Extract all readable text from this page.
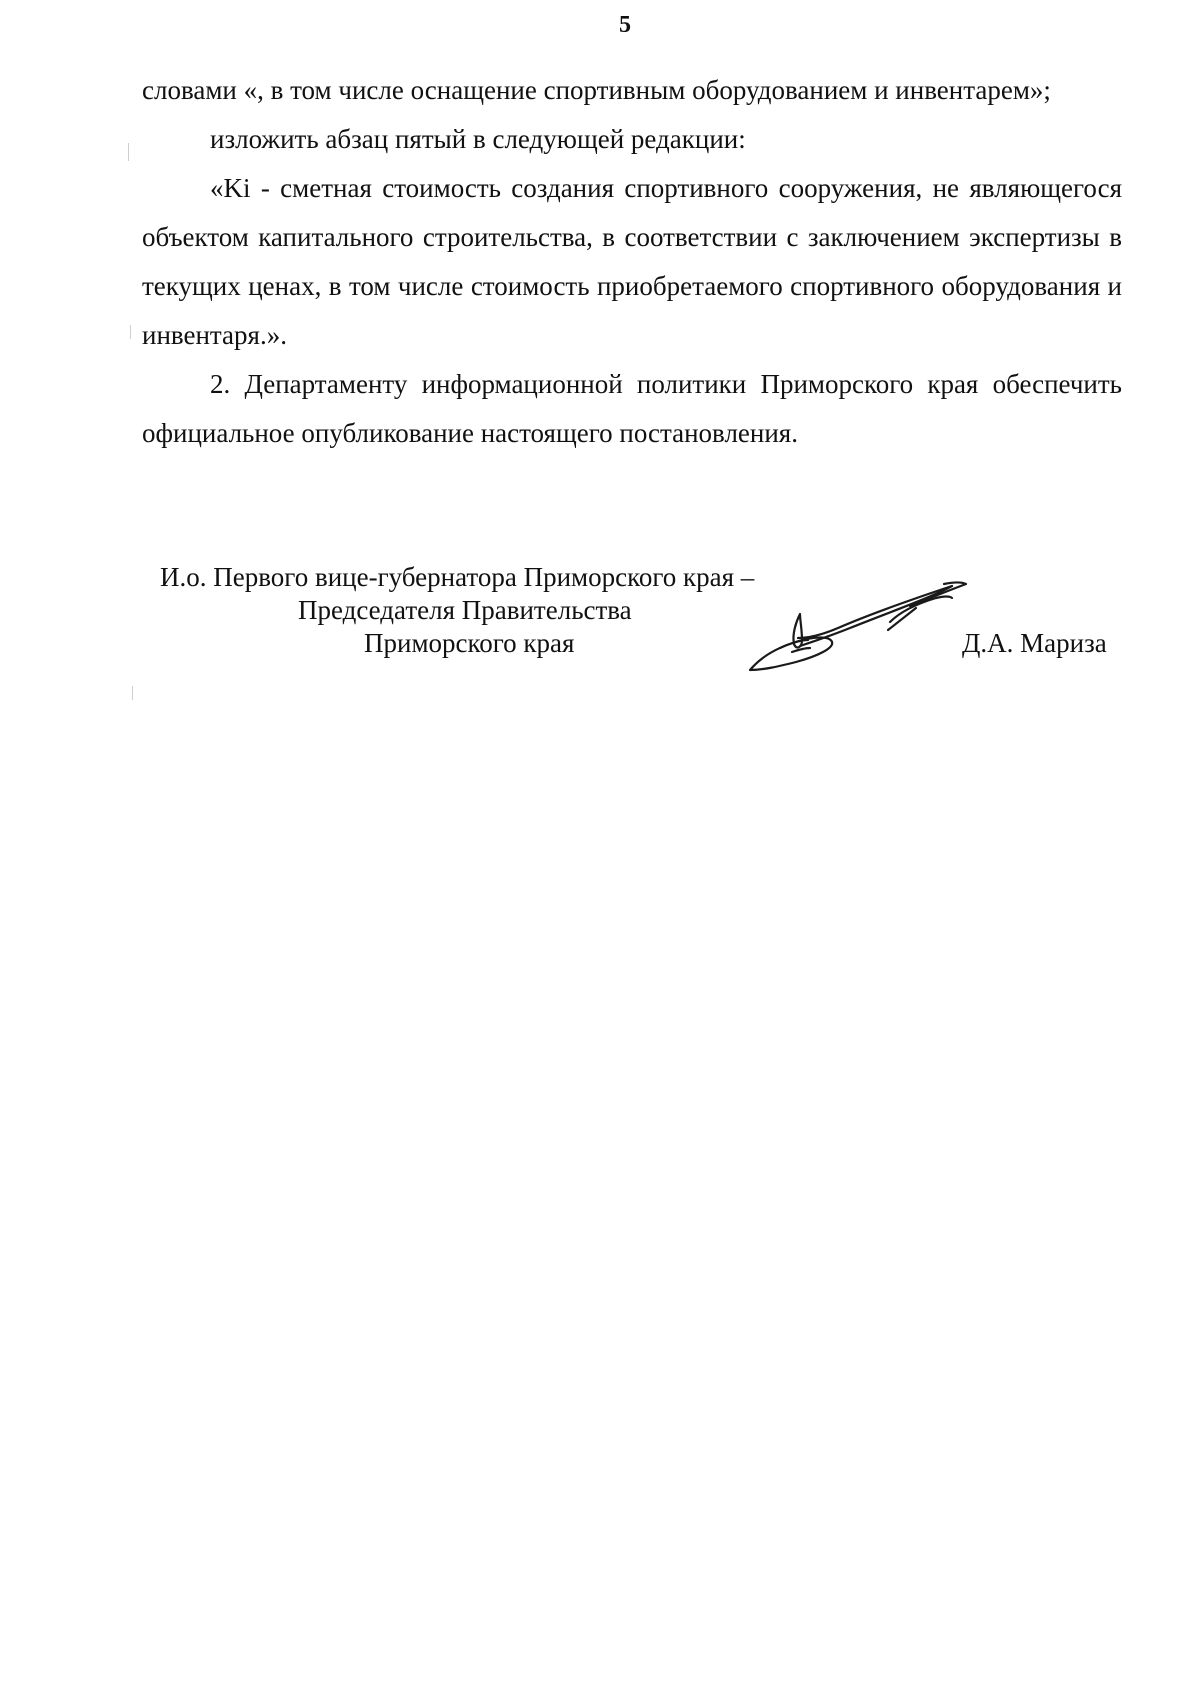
5

словами «, в том числе оснащение спортивным оборудованием и инвентарем»;

изложить абзац пятый в следующей редакции:

«Ki - сметная стоимость создания спортивного сооружения, не являющегося объектом капитального строительства, в соответствии с заключением экспертизы в текущих ценах, в том числе стоимость приобретаемого спортивного оборудования и инвентаря.».

2. Департаменту информационной политики Приморского края обеспечить официальное опубликование настоящего постановления.

И.о. Первого вице-губернатора Приморского края –
Председателя Правительства
Приморского края	Д.А. Мариза
